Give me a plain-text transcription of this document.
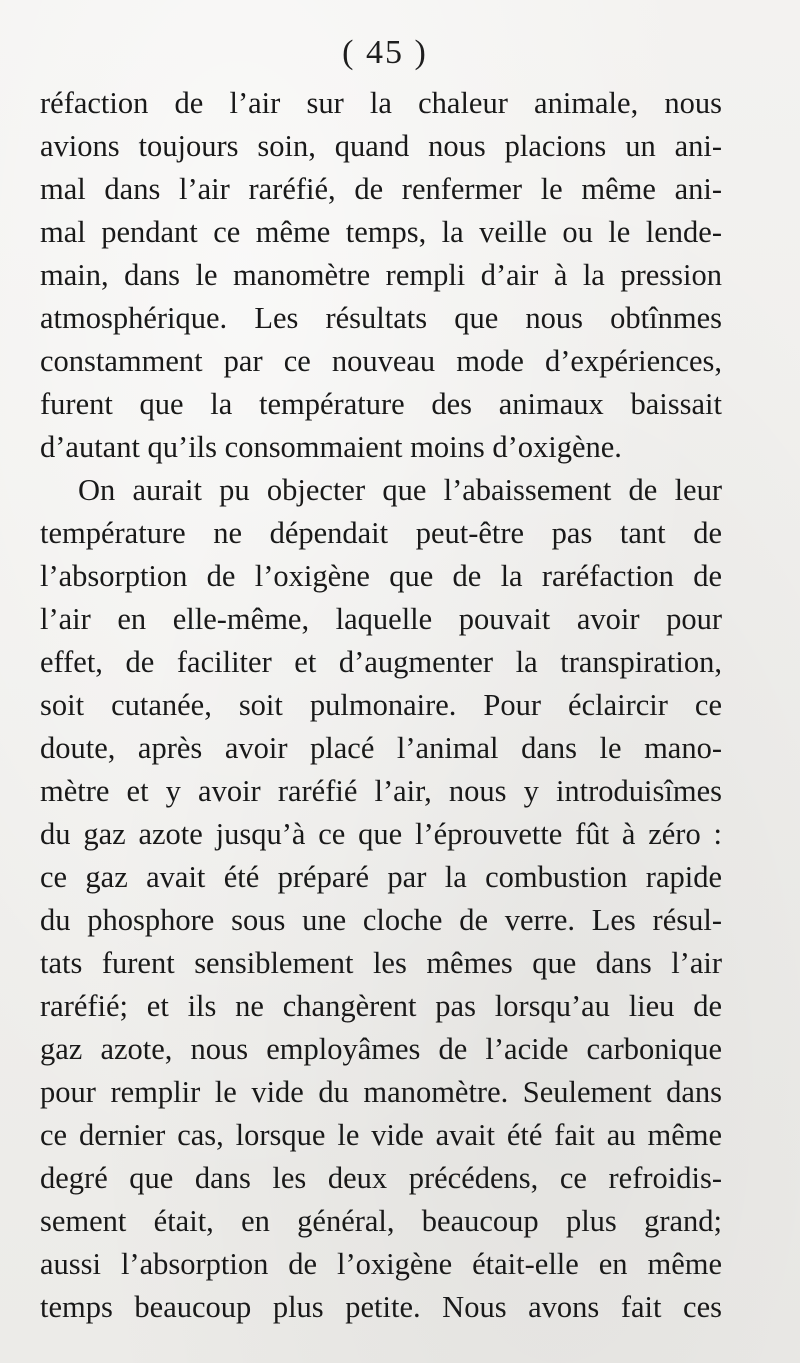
( 45 )
réfaction de l’air sur la chaleur animale, nous
avions toujours soin, quand nous placions un ani-
mal dans l’air raréfié, de renfermer le même ani-
mal pendant ce même temps, la veille ou le lende-
main, dans le manomètre rempli d’air à la pression
atmosphérique. Les résultats que nous obtînmes
constamment par ce nouveau mode d’expériences,
furent que la température des animaux baissait
d’autant qu’ils consommaient moins d’oxigène.
On aurait pu objecter que l’abaissement de leur
température ne dépendait peut-être pas tant de
l’absorption de l’oxigène que de la raréfaction de
l’air en elle-même, laquelle pouvait avoir pour
effet, de faciliter et d’augmenter la transpiration,
soit cutanée, soit pulmonaire. Pour éclaircir ce
doute, après avoir placé l’animal dans le mano-
mètre et y avoir raréfié l’air, nous y introduisîmes
du gaz azote jusqu’à ce que l’éprouvette fût à zéro :
ce gaz avait été préparé par la combustion rapide
du phosphore sous une cloche de verre. Les résul-
tats furent sensiblement les mêmes que dans l’air
raréfié; et ils ne changèrent pas lorsqu’au lieu de
gaz azote, nous employâmes de l’acide carbonique
pour remplir le vide du manomètre. Seulement dans
ce dernier cas, lorsque le vide avait été fait au même
degré que dans les deux précédens, ce refroidis-
sement était, en général, beaucoup plus grand;
aussi l’absorption de l’oxigène était-elle en même
temps beaucoup plus petite. Nous avons fait ces
